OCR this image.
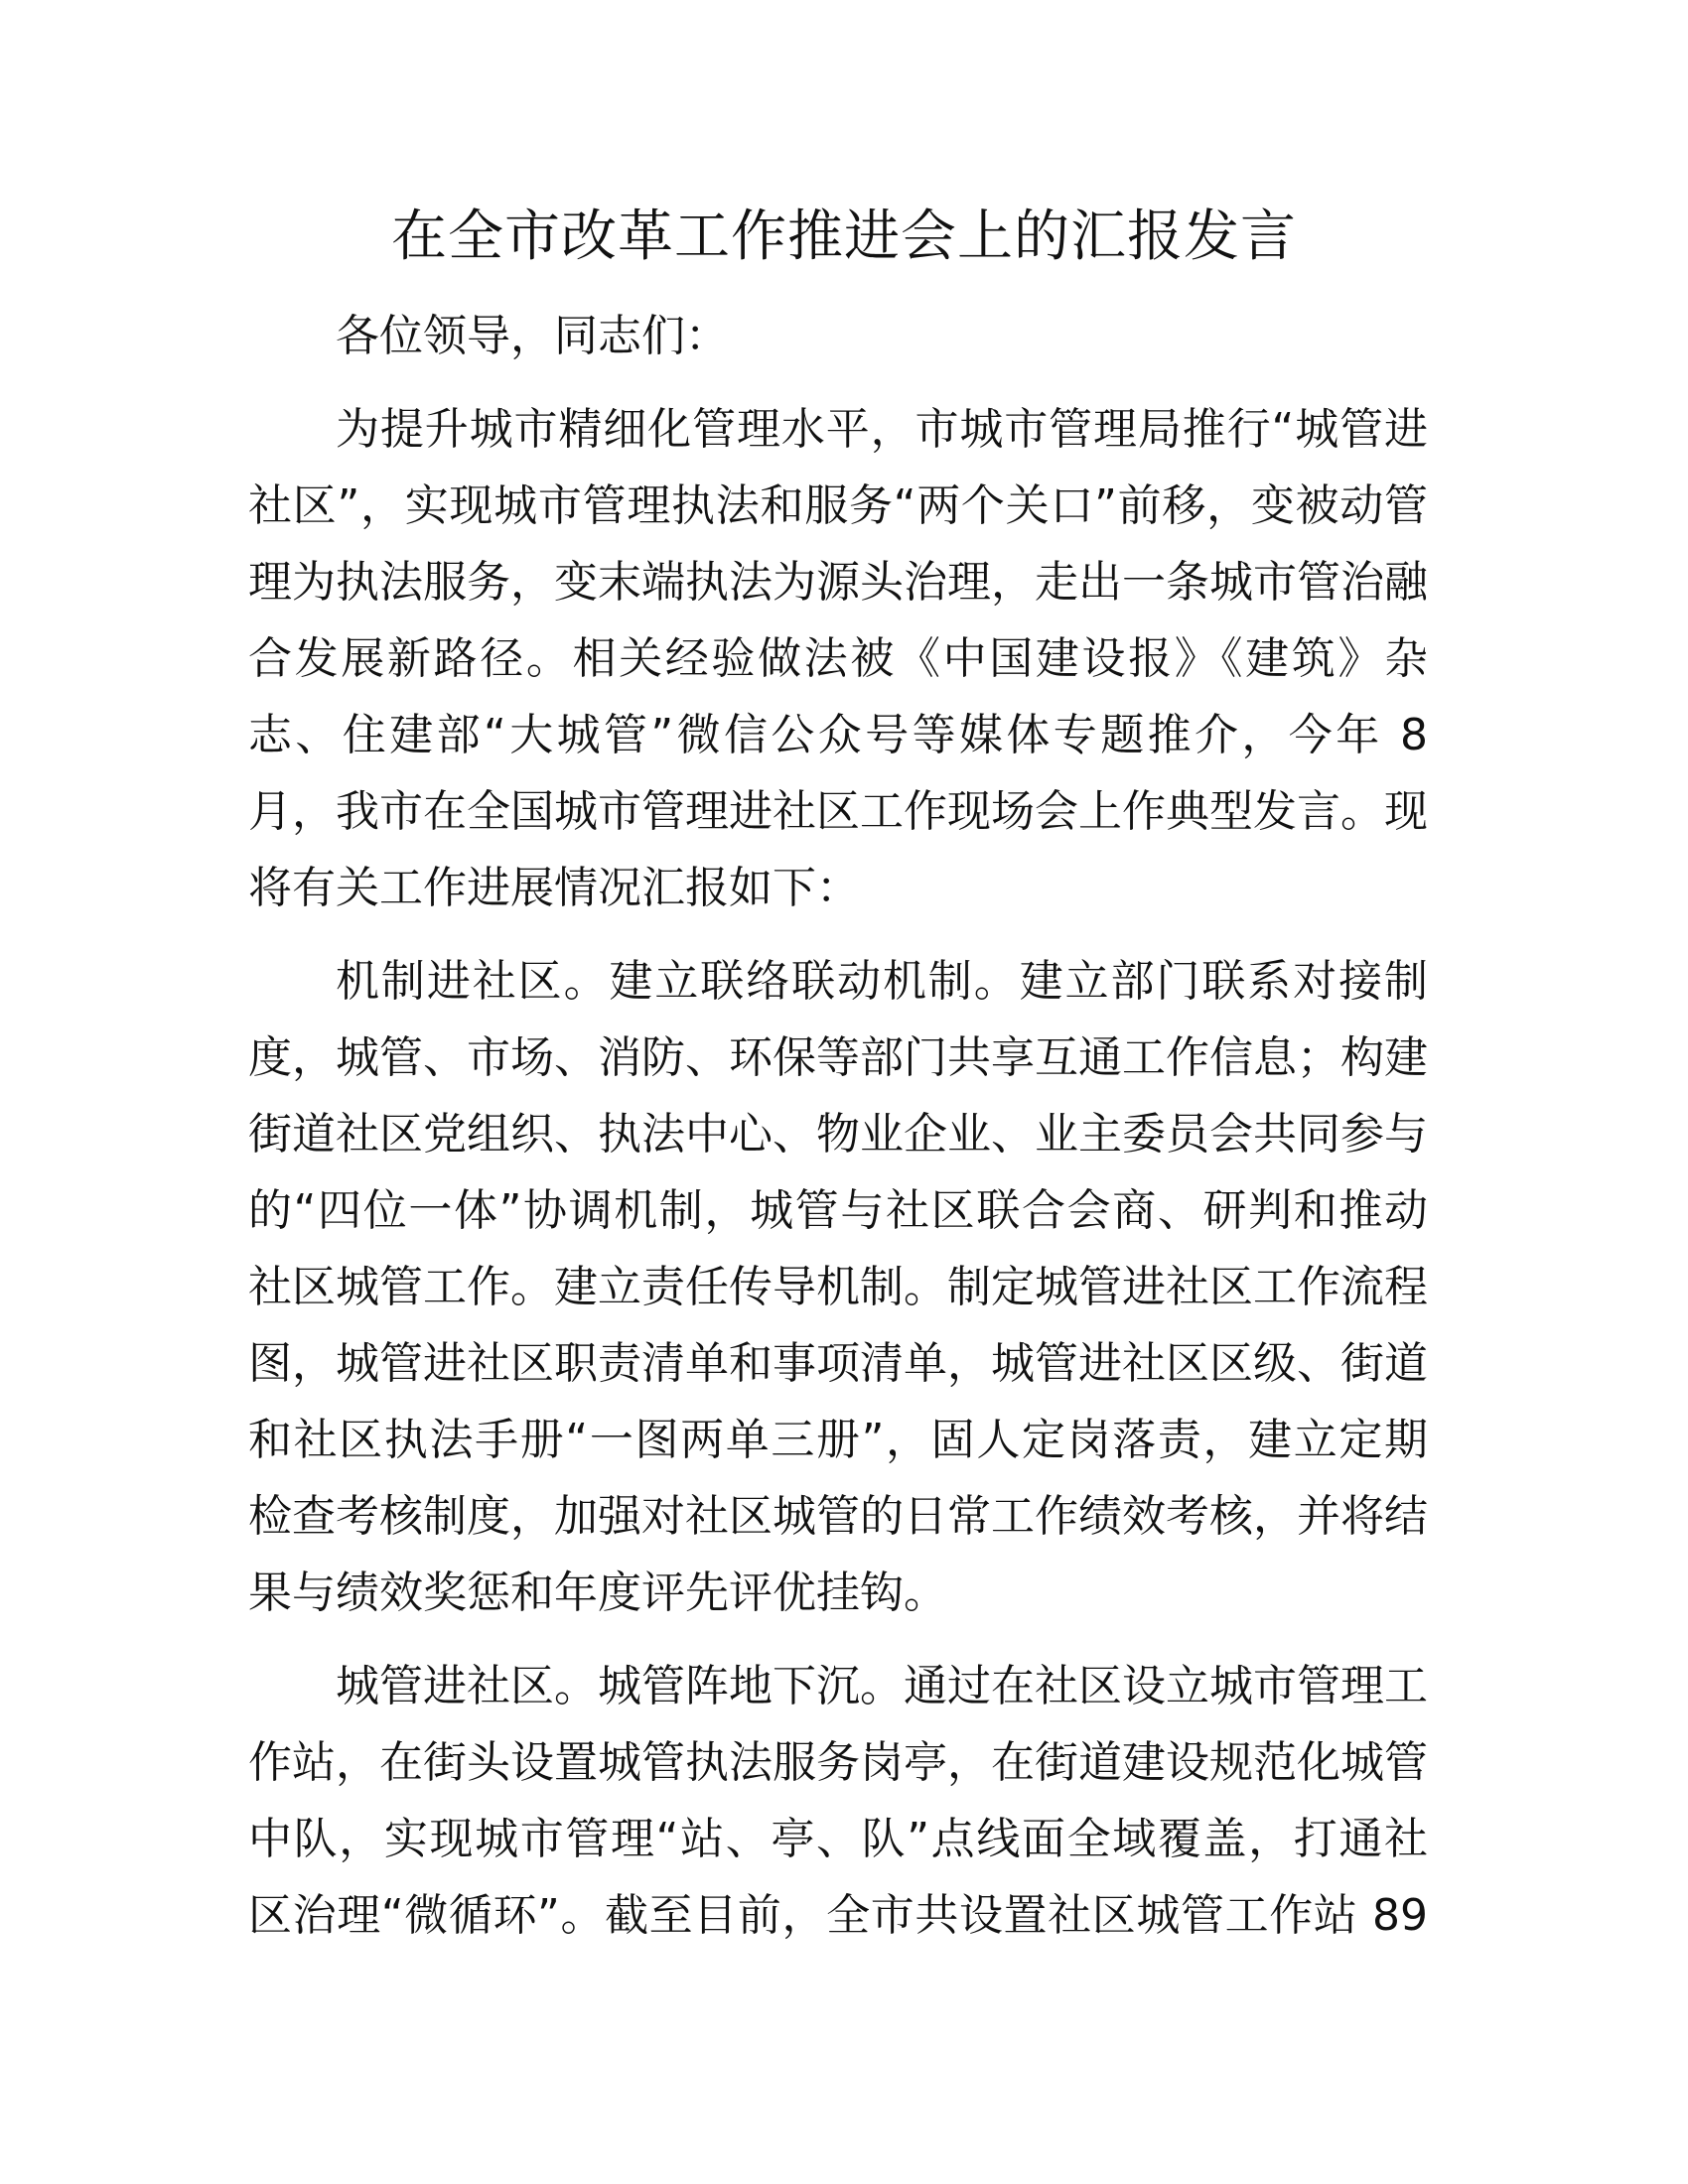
在全市改革工作推进会上的汇报发言
各位领导，同志们：
为提升城市精细化管理水平，市城市管理局推行“城管进
社区”，实现城市管理执法和服务“两个关口”前移，变被动管
理为执法服务，变末端执法为源头治理，走出一条城市管治融
合发展新路径。相关经验做法被《中国建设报》《建筑》杂
志、住建部“大城管”微信公众号等媒体专题推介，今年 8
月，我市在全国城市管理进社区工作现场会上作典型发言。现
将有关工作进展情况汇报如下：
机制进社区。建立联络联动机制。建立部门联系对接制
度，城管、市场、消防、环保等部门共享互通工作信息；构建
街道社区党组织、执法中心、物业企业、业主委员会共同参与
的“四位一体”协调机制，城管与社区联合会商、研判和推动
社区城管工作。建立责任传导机制。制定城管进社区工作流程
图，城管进社区职责清单和事项清单，城管进社区区级、街道
和社区执法手册“一图两单三册”，固人定岗落责，建立定期
检查考核制度，加强对社区城管的日常工作绩效考核，并将结
果与绩效奖惩和年度评先评优挂钩。
城管进社区。城管阵地下沉。通过在社区设立城市管理工
作站，在街头设置城管执法服务岗亭，在街道建设规范化城管
中队，实现城市管理“站、亭、队”点线面全域覆盖，打通社
区治理“微循环”。截至目前，全市共设置社区城管工作站 89
